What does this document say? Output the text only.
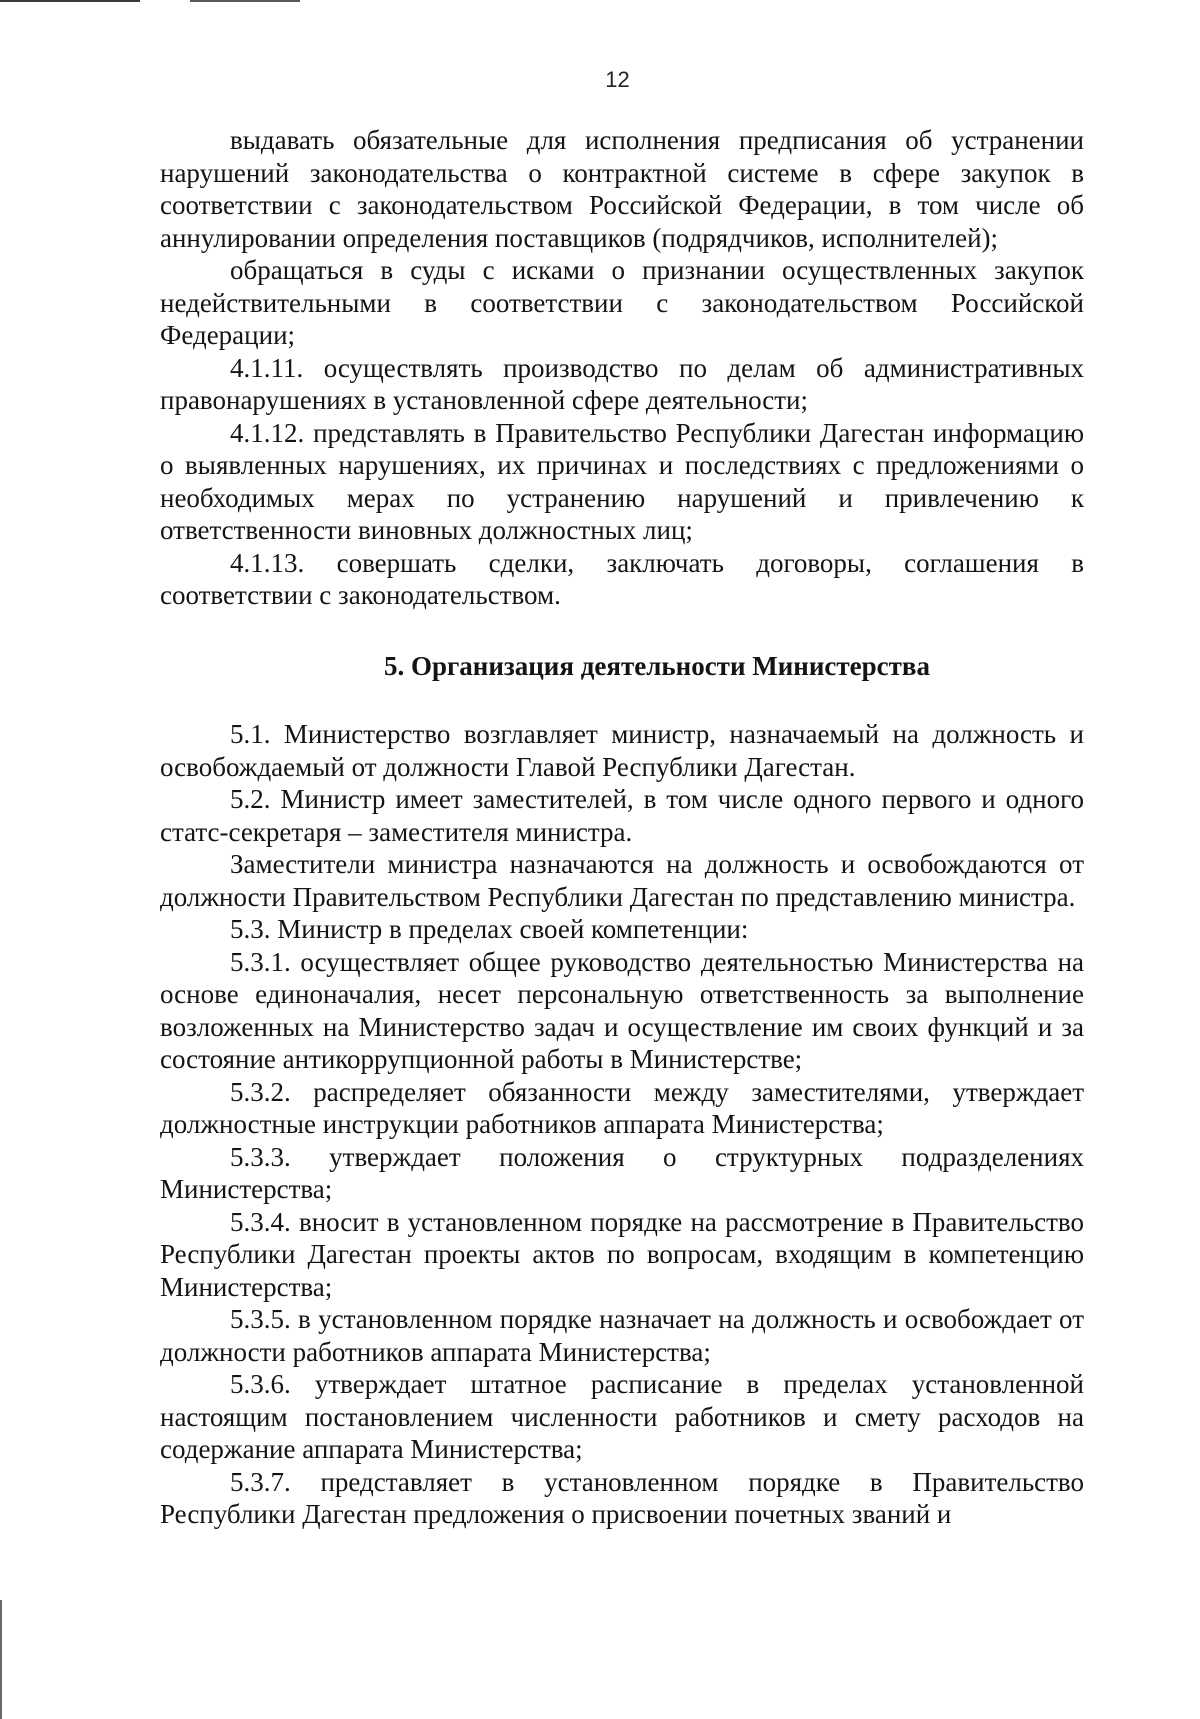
12

выдавать обязательные для исполнения предписания об устранении нарушений законодательства о контрактной системе в сфере закупок в соответствии с законодательством Российской Федерации, в том числе об аннулировании определения поставщиков (подрядчиков, исполнителей);

обращаться в суды с исками о признании осуществленных закупок недействительными в соответствии с законодательством Российской Федерации;

4.1.11. осуществлять производство по делам об административных правонарушениях в установленной сфере деятельности;

4.1.12. представлять в Правительство Республики Дагестан информацию о выявленных нарушениях, их причинах и последствиях с предложениями о необходимых мерах по устранению нарушений и привлечению к ответственности виновных должностных лиц;

4.1.13. совершать сделки, заключать договоры, соглашения в соответствии с законодательством.

5. Организация деятельности Министерства

5.1. Министерство возглавляет министр, назначаемый на должность и освобождаемый от должности Главой Республики Дагестан.

5.2. Министр имеет заместителей, в том числе одного первого и одного статс-секретаря – заместителя министра.

Заместители министра назначаются на должность и освобождаются от должности Правительством Республики Дагестан по представлению министра.

5.3. Министр в пределах своей компетенции:

5.3.1. осуществляет общее руководство деятельностью Министерства на основе единоначалия, несет персональную ответственность за выполнение возложенных на Министерство задач и осуществление им своих функций и за состояние антикоррупционной работы в Министерстве;

5.3.2. распределяет обязанности между заместителями, утверждает должностные инструкции работников аппарата Министерства;

5.3.3. утверждает положения о структурных подразделениях Министерства;

5.3.4. вносит в установленном порядке на рассмотрение в Правительство Республики Дагестан проекты актов по вопросам, входящим в компетенцию Министерства;

5.3.5. в установленном порядке назначает на должность и освобождает от должности работников аппарата Министерства;

5.3.6. утверждает штатное расписание в пределах установленной настоящим постановлением численности работников и смету расходов на содержание аппарата Министерства;

5.3.7. представляет в установленном порядке в Правительство Республики Дагестан предложения о присвоении почетных званий и
